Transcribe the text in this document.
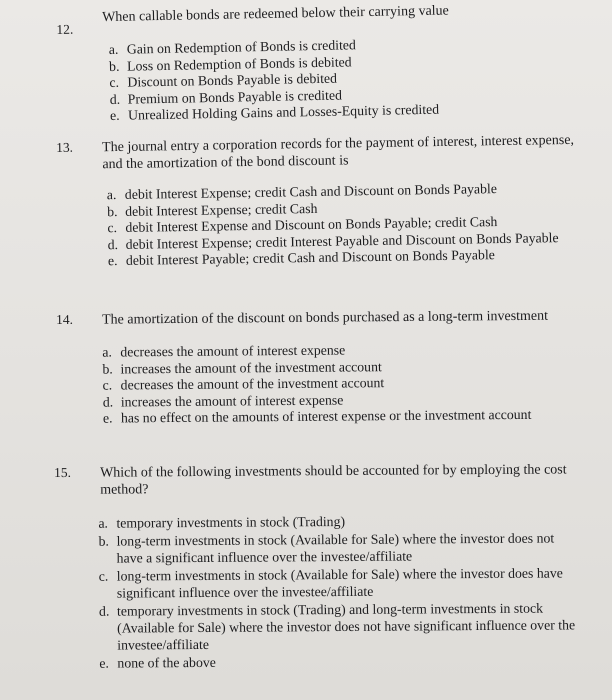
12.
When callable bonds are redeemed below their carrying value
a. Gain on Redemption of Bonds is credited
b. Loss on Redemption of Bonds is debited
c. Discount on Bonds Payable is debited
d. Premium on Bonds Payable is credited
e. Unrealized Holding Gains and Losses-Equity is credited
13.	The journal entry a corporation records for the payment of interest, interest expense, and the amortization of the bond discount is
a. debit Interest Expense; credit Cash and Discount on Bonds Payable
b. debit Interest Expense; credit Cash
c. debit Interest Expense and Discount on Bonds Payable; credit Cash
d. debit Interest Expense; credit Interest Payable and Discount on Bonds Payable
e. debit Interest Payable; credit Cash and Discount on Bonds Payable
14.	The amortization of the discount on bonds purchased as a long-term investment
a. decreases the amount of interest expense
b. increases the amount of the investment account
c. decreases the amount of the investment account
d. increases the amount of interest expense
e. has no effect on the amounts of interest expense or the investment account
15.	Which of the following investments should be accounted for by employing the cost method?
a. temporary investments in stock (Trading)
b. long-term investments in stock (Available for Sale) where the investor does not have a significant influence over the investee/affiliate
c. long-term investments in stock (Available for Sale) where the investor does have significant influence over the investee/affiliate
d. temporary investments in stock (Trading) and long-term investments in stock (Available for Sale) where the investor does not have significant influence over the investee/affiliate
e. none of the above
